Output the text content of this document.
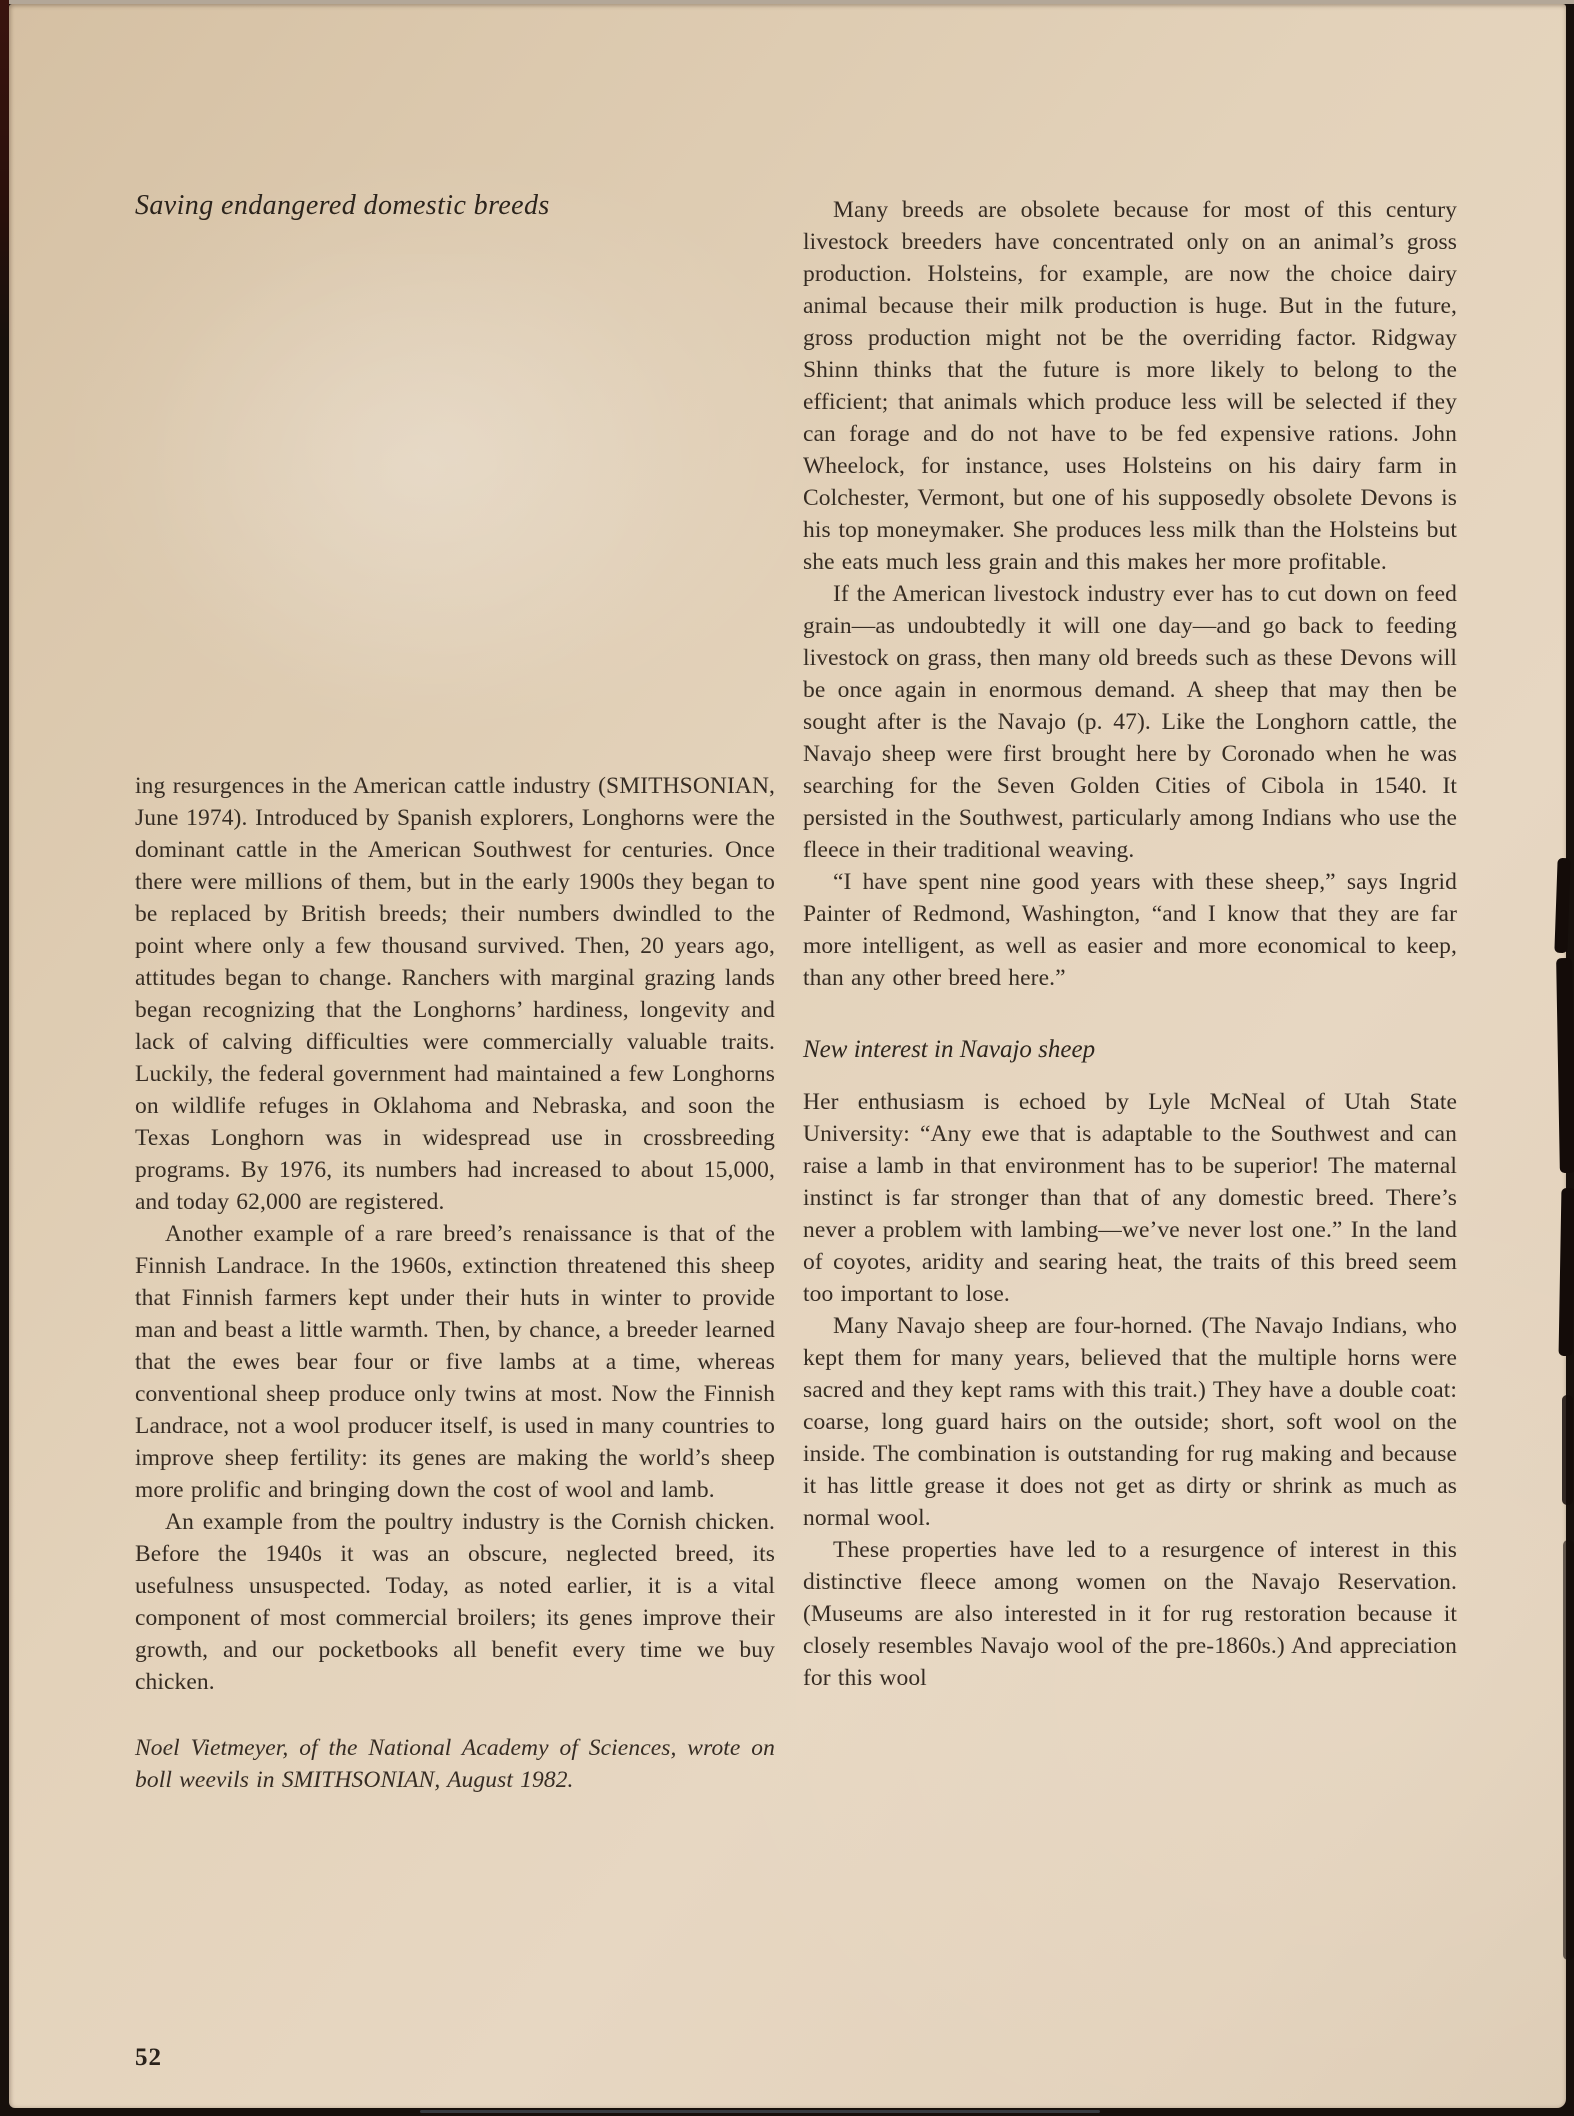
Saving endangered domestic breeds

ing resurgences in the American cattle industry (SMITHSONIAN, June 1974). Introduced by Spanish explorers, Longhorns were the dominant cattle in the American Southwest for centuries. Once there were millions of them, but in the early 1900s they began to be replaced by British breeds; their numbers dwindled to the point where only a few thousand survived. Then, 20 years ago, attitudes began to change. Ranchers with marginal grazing lands began recognizing that the Longhorns’ hardiness, longevity and lack of calving difficulties were commercially valuable traits. Luckily, the federal government had maintained a few Longhorns on wildlife refuges in Oklahoma and Nebraska, and soon the Texas Longhorn was in widespread use in crossbreeding programs. By 1976, its numbers had increased to about 15,000, and today 62,000 are registered.

Another example of a rare breed’s renaissance is that of the Finnish Landrace. In the 1960s, extinction threatened this sheep that Finnish farmers kept under their huts in winter to provide man and beast a little warmth. Then, by chance, a breeder learned that the ewes bear four or five lambs at a time, whereas conventional sheep produce only twins at most. Now the Finnish Landrace, not a wool producer itself, is used in many countries to improve sheep fertility: its genes are making the world’s sheep more prolific and bringing down the cost of wool and lamb.

An example from the poultry industry is the Cornish chicken. Before the 1940s it was an obscure, neglected breed, its usefulness unsuspected. Today, as noted earlier, it is a vital component of most commercial broilers; its genes improve their growth, and our pocketbooks all benefit every time we buy chicken.

Noel Vietmeyer, of the National Academy of Sciences, wrote on boll weevils in SMITHSONIAN, August 1982.

Many breeds are obsolete because for most of this century livestock breeders have concentrated only on an animal’s gross production. Holsteins, for example, are now the choice dairy animal because their milk production is huge. But in the future, gross production might not be the overriding factor. Ridgway Shinn thinks that the future is more likely to belong to the efficient; that animals which produce less will be selected if they can forage and do not have to be fed expensive rations. John Wheelock, for instance, uses Holsteins on his dairy farm in Colchester, Vermont, but one of his supposedly obsolete Devons is his top moneymaker. She produces less milk than the Holsteins but she eats much less grain and this makes her more profitable.

If the American livestock industry ever has to cut down on feed grain—as undoubtedly it will one day—and go back to feeding livestock on grass, then many old breeds such as these Devons will be once again in enormous demand. A sheep that may then be sought after is the Navajo (p. 47). Like the Longhorn cattle, the Navajo sheep were first brought here by Coronado when he was searching for the Seven Golden Cities of Cibola in 1540. It persisted in the Southwest, particularly among Indians who use the fleece in their traditional weaving.

“I have spent nine good years with these sheep,” says Ingrid Painter of Redmond, Washington, “and I know that they are far more intelligent, as well as easier and more economical to keep, than any other breed here.”

New interest in Navajo sheep

Her enthusiasm is echoed by Lyle McNeal of Utah State University: “Any ewe that is adaptable to the Southwest and can raise a lamb in that environment has to be superior! The maternal instinct is far stronger than that of any domestic breed. There’s never a problem with lambing—we’ve never lost one.” In the land of coyotes, aridity and searing heat, the traits of this breed seem too important to lose.

Many Navajo sheep are four-horned. (The Navajo Indians, who kept them for many years, believed that the multiple horns were sacred and they kept rams with this trait.) They have a double coat: coarse, long guard hairs on the outside; short, soft wool on the inside. The combination is outstanding for rug making and because it has little grease it does not get as dirty or shrink as much as normal wool.

These properties have led to a resurgence of interest in this distinctive fleece among women on the Navajo Reservation. (Museums are also interested in it for rug restoration because it closely resembles Navajo wool of the pre-1860s.) And appreciation for this wool

52
